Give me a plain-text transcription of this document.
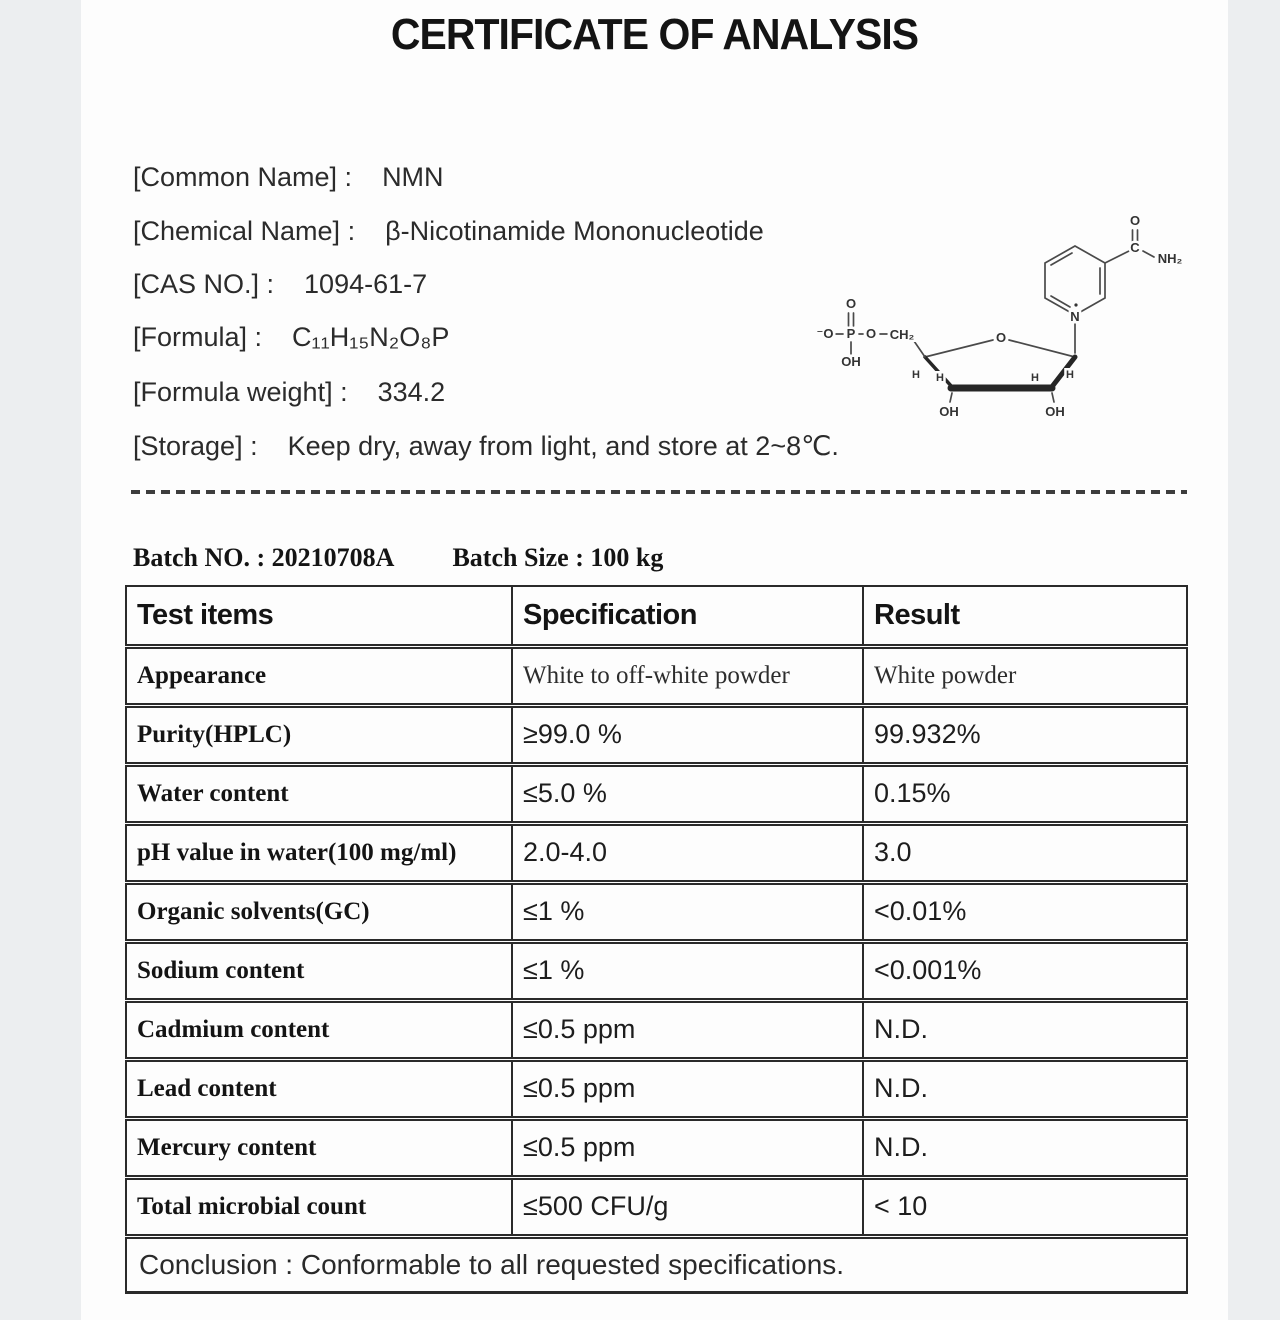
CERTIFICATE OF ANALYSIS
[Common Name] : NMN
[Chemical Name] : β-Nicotinamide Mononucleotide
[CAS NO.] : 1094-61-7
[Formula] : C₁₁H₁₅N₂O₈P
[Formula weight] : 334.2
[Storage] : Keep dry, away from light, and store at 2~8℃.
⁻O P
O
OH
O CH₂	O
H H	H H
OH	OH
N
C
O
NH₂
Batch NO. : 20210708A Batch Size : 100 kg
Test items	Specification	Result
Appearance	White to off-white powder	White powder
Purity(HPLC)	≥99.0 %	99.932%
Water content	≤5.0 %	0.15%
pH value in water(100 mg/ml)	2.0-4.0	3.0
Organic solvents(GC)	≤1 %	<0.01%
Sodium content	≤1 %	<0.001%
Cadmium content	≤0.5 ppm	N.D.
Lead content	≤0.5 ppm	N.D.
Mercury content	≤0.5 ppm	N.D.
Total microbial count	≤500 CFU/g	< 10
Conclusion : Conformable to all requested specifications.		
